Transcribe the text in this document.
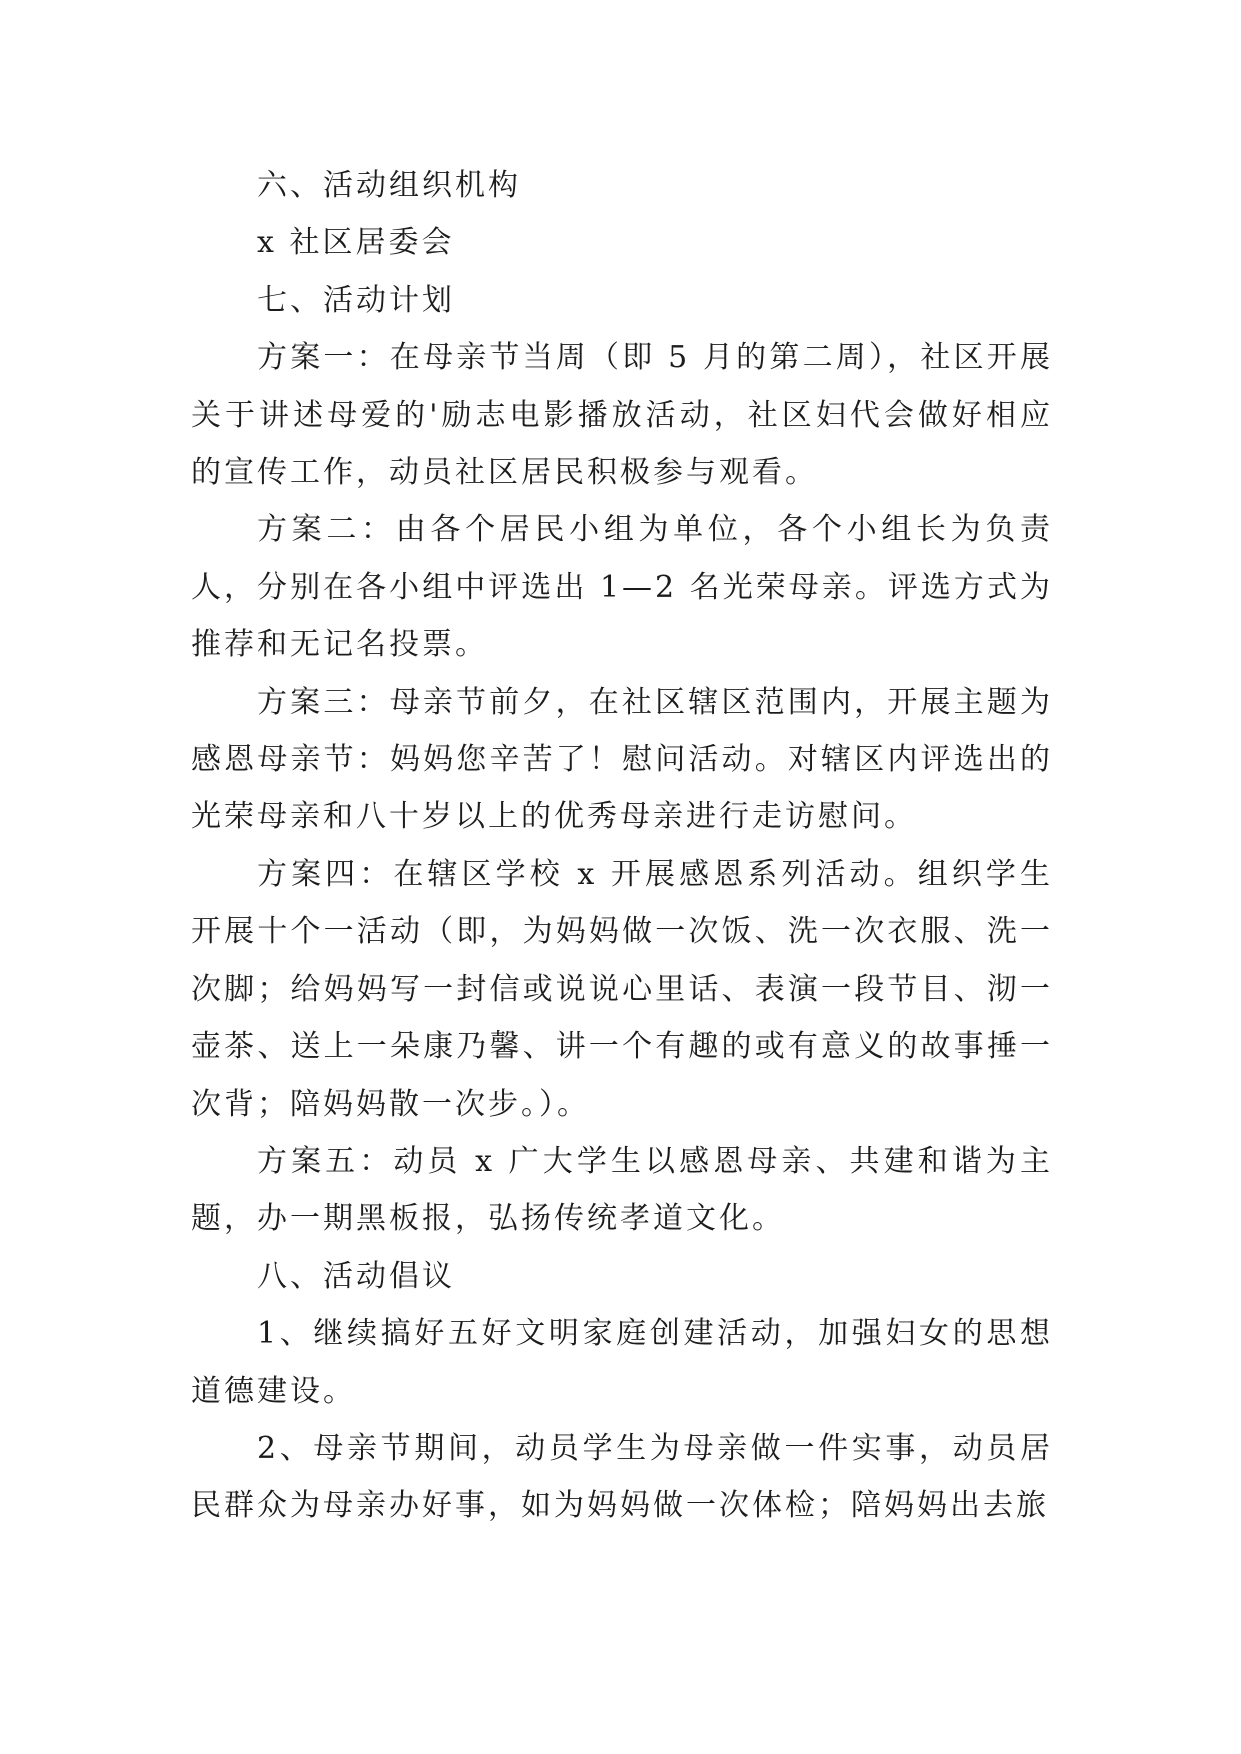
六、活动组织机构

x 社区居委会

七、活动计划

方案一：在母亲节当周（即 5 月的第二周），社区开展关于讲述母爱的'励志电影播放活动，社区妇代会做好相应的宣传工作，动员社区居民积极参与观看。

方案二：由各个居民小组为单位，各个小组长为负责人，分别在各小组中评选出 1—2 名光荣母亲。评选方式为推荐和无记名投票。

方案三：母亲节前夕，在社区辖区范围内，开展主题为感恩母亲节：妈妈您辛苦了！慰问活动。对辖区内评选出的光荣母亲和八十岁以上的优秀母亲进行走访慰问。

方案四：在辖区学校 x 开展感恩系列活动。组织学生开展十个一活动（即，为妈妈做一次饭、洗一次衣服、洗一次脚；给妈妈写一封信或说说心里话、表演一段节目、沏一壶茶、送上一朵康乃馨、讲一个有趣的或有意义的故事捶一次背；陪妈妈散一次步。）。

方案五：动员 x 广大学生以感恩母亲、共建和谐为主题，办一期黑板报，弘扬传统孝道文化。

八、活动倡议

1、继续搞好五好文明家庭创建活动，加强妇女的思想道德建设。

2、母亲节期间，动员学生为母亲做一件实事，动员居民群众为母亲办好事，如为妈妈做一次体检；陪妈妈出去旅
